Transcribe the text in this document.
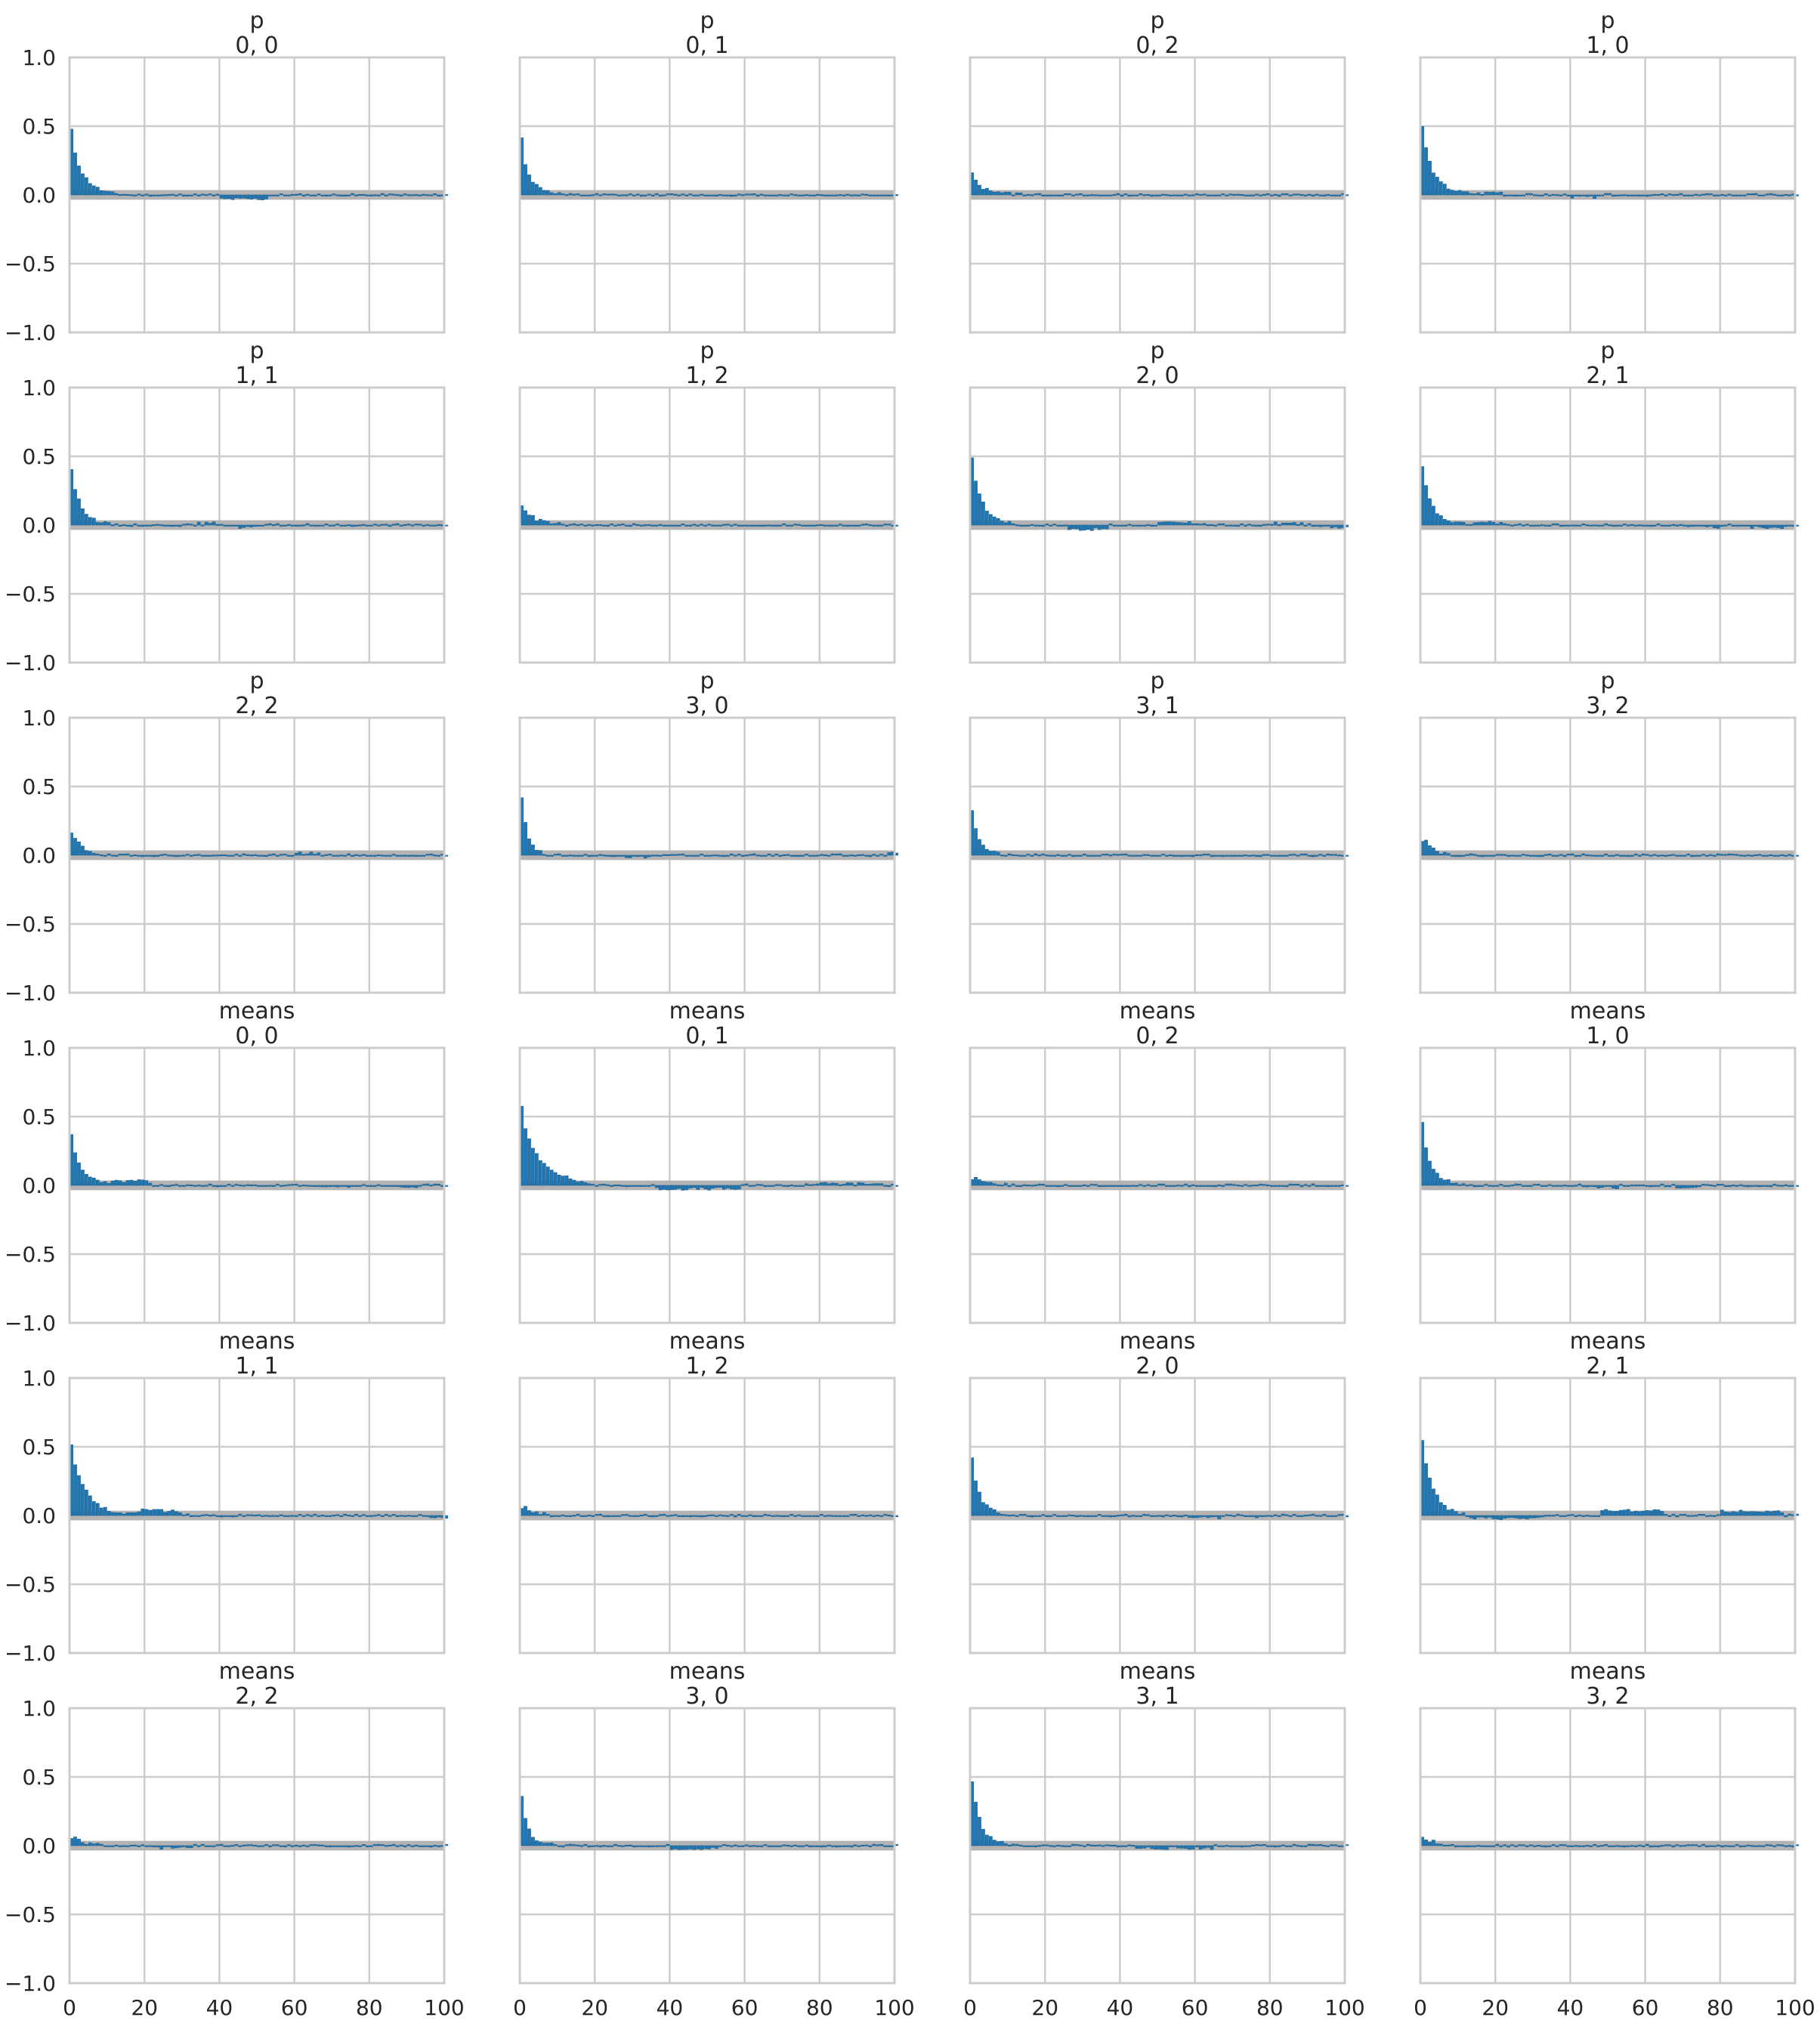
p
0, 0
1.0
0.5
0.0
−0.5
−1.0
p
0, 1
p
0, 2
p
1, 0
p
1, 1
1.0
0.5
0.0
−0.5
−1.0
p
1, 2
p
2, 0
p
2, 1
p
2, 2
1.0
0.5
0.0
−0.5
−1.0
p
3, 0
p
3, 1
p
3, 2
means
0, 0
1.0
0.5
0.0
−0.5
−1.0
means
0, 1
means
0, 2
means
1, 0
means
1, 1
1.0
0.5
0.0
−0.5
−1.0
means
1, 2
means
2, 0
means
2, 1
means
2, 2
1.0
0.5
0.0
−0.5
−1.0
0	20 40 60 80 100
means
3, 0
0	20 40 60 80 100
means
3, 1
0	20 40 60 80 100
means
3, 2
0	20 40 60 80 100
